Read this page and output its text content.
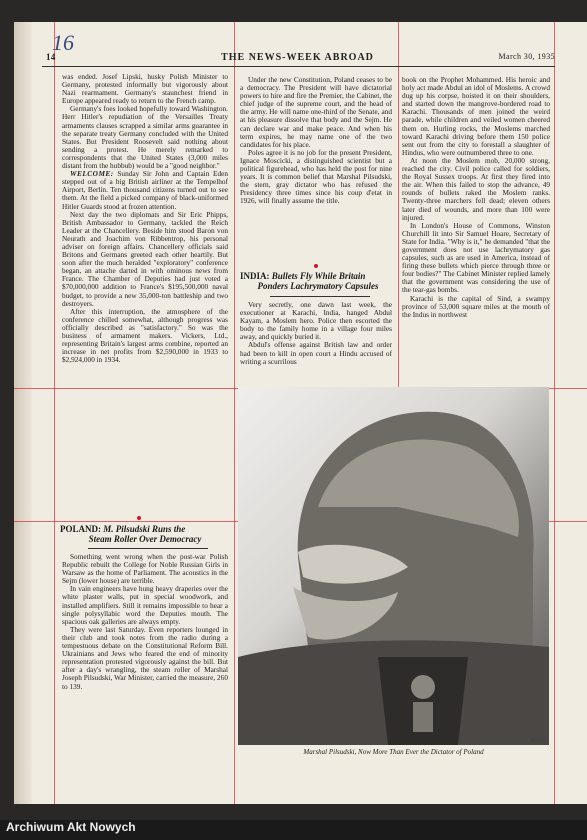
16
14	THE NEWS-WEEK ABROAD	March 30, 1935

was ended. Josef Lipski, husky Polish Minister to Germany, protested informally but vigorously about Nazi rearmament. Germany's staunchest friend in Europe appeared ready to return to the French camp.

Germany's foes looked hopefully toward Washington. Herr Hitler's repudiation of the Versailles Treaty armaments clauses scrapped a similar arms guarantee in the separate treaty Germany concluded with the United States. But President Roosevelt said nothing about sending a protest. He merely remarked to correspondents that the United States (3,000 miles distant from the hubbub) would be a "good neighbor."

WELCOME: Sunday Sir John and Captain Eden stepped out of a big British airliner at the Tempelhof Airport, Berlin. Ten thousand citizens turned out to see them. At the field a picked company of black-uniformed Hitler Guards stood at frozen attention.

Next day the two diplomats and Sir Eric Phipps, British Ambassador to Germany, tackled the Reich Leader at the Chancellery. Beside him stood Baron von Neurath and Joachim von Ribbentrop, his personal adviser on foreign affairs. Chancellery officials said Britons and Germans greeted each other heartily. But soon after the much heralded "exploratory" conference began, an attache darted in with ominous news from France. The Chamber of Deputies had just voted a $70,000,000 addition to France's $195,500,000 naval budget, to provide a new 35,000-ton battleship and two destroyers.

After this interruption, the atmosphere of the conference chilled somewhat, although progress was officially described as "satisfactory." So was the business of armament makers. Vickers, Ltd., representing Britain's largest arms combine, reported an increase in net profits from $2,590,000 in 1933 to $2,924,000 in 1934.

POLAND: M. Pilsudski Runs the
Steam Roller Over Democracy

Something went wrong when the post-war Polish Republic rebuilt the College for Noble Russian Girls in Warsaw as the home of Parliament. The acoustics in the Sejm (lower house) are terrible.

In vain engineers have hung heavy draperies over the white plaster walls, put in special woodwork, and installed amplifiers. Still it remains impossible to hear a single polysyllabic word the Deputies mouth. The spacious oak galleries are always empty.

They were last Saturday. Even reporters lounged in their club and took notes from the radio during a tempestuous debate on the Constitutional Reform Bill. Ukrainians and Jews who feared the end of minority representation protested vigorously against the bill. But after a day's wrangling, the steam roller of Marshal Joseph Pilsudski, War Minister, carried the measure, 260 to 139.

Under the new Constitution, Poland ceases to be a democracy. The President will have dictatorial powers to hire and fire the Premier, the Cabinet, the chief judge of the supreme court, and the head of the army. He will name one-third of the Senate, and at his pleasure dissolve that body and the Sejm. He can declare war and make peace. And when his term expires, he may name one of the two candidates for his place.

Poles agree it is no job for the present President, Ignace Moscicki, a distinguished scientist but a political figurehead, who has held the post for nine years. It is common belief that Marshal Pilsudski, the stern, gray dictator who has refused the Presidency three times since his coup d'etat in 1926, will finally assume the title.

INDIA: Bullets Fly While Britain
Ponders Lachrymatory Capsules

Very secretly, one dawn last week, the executioner at Karachi, India, hanged Abdul Kayam, a Moslem hero. Police then escorted the body to the family home in a village four miles away, and quickly buried it.

Abdul's offense against British law and order had been to kill in open court a Hindu accused of writing a scurrilous

book on the Prophet Mohammed. His heroic and holy act made Abdul an idol of Moslems. A crowd dug up his corpse, hoisted it on their shoulders, and started down the mangrove-bordered road to Karachi. Thousands of men joined the weird parade, while children and veiled women cheered them on. Hurling rocks, the Moslems marched toward Karachi driving before them 150 police sent out from the city to forestall a slaughter of Hindus, who were outnumbered three to one.

At noon the Moslem mob, 20,000 strong, reached the city. Civil police called for soldiers, the Royal Sussex troops. At first they fired into the air. When this failed to stop the advance, 49 rounds of bullets raked the Moslem ranks. Twenty-three marchers fell dead; eleven others later died of wounds, and more than 100 were injured.

In London's House of Commons, Winston Churchill lit into Sir Samuel Hoare, Secretary of State for India. "Why is it," he demanded "that the government does not use lachrymatory gas capsules, such as are used in America, instead of firing these bullets which pierce through three or four bodies?" The Cabinet Minister replied lamely that the government was considering the use of the tear-gas bombs.

Karachi is the capital of Sind, a swampy province of 53,000 square miles at the mouth of the Indus in northwest

ACME
Marshal Pilsudski, Now More Than Ever the Dictator of Poland
Archiwum Akt Nowych
